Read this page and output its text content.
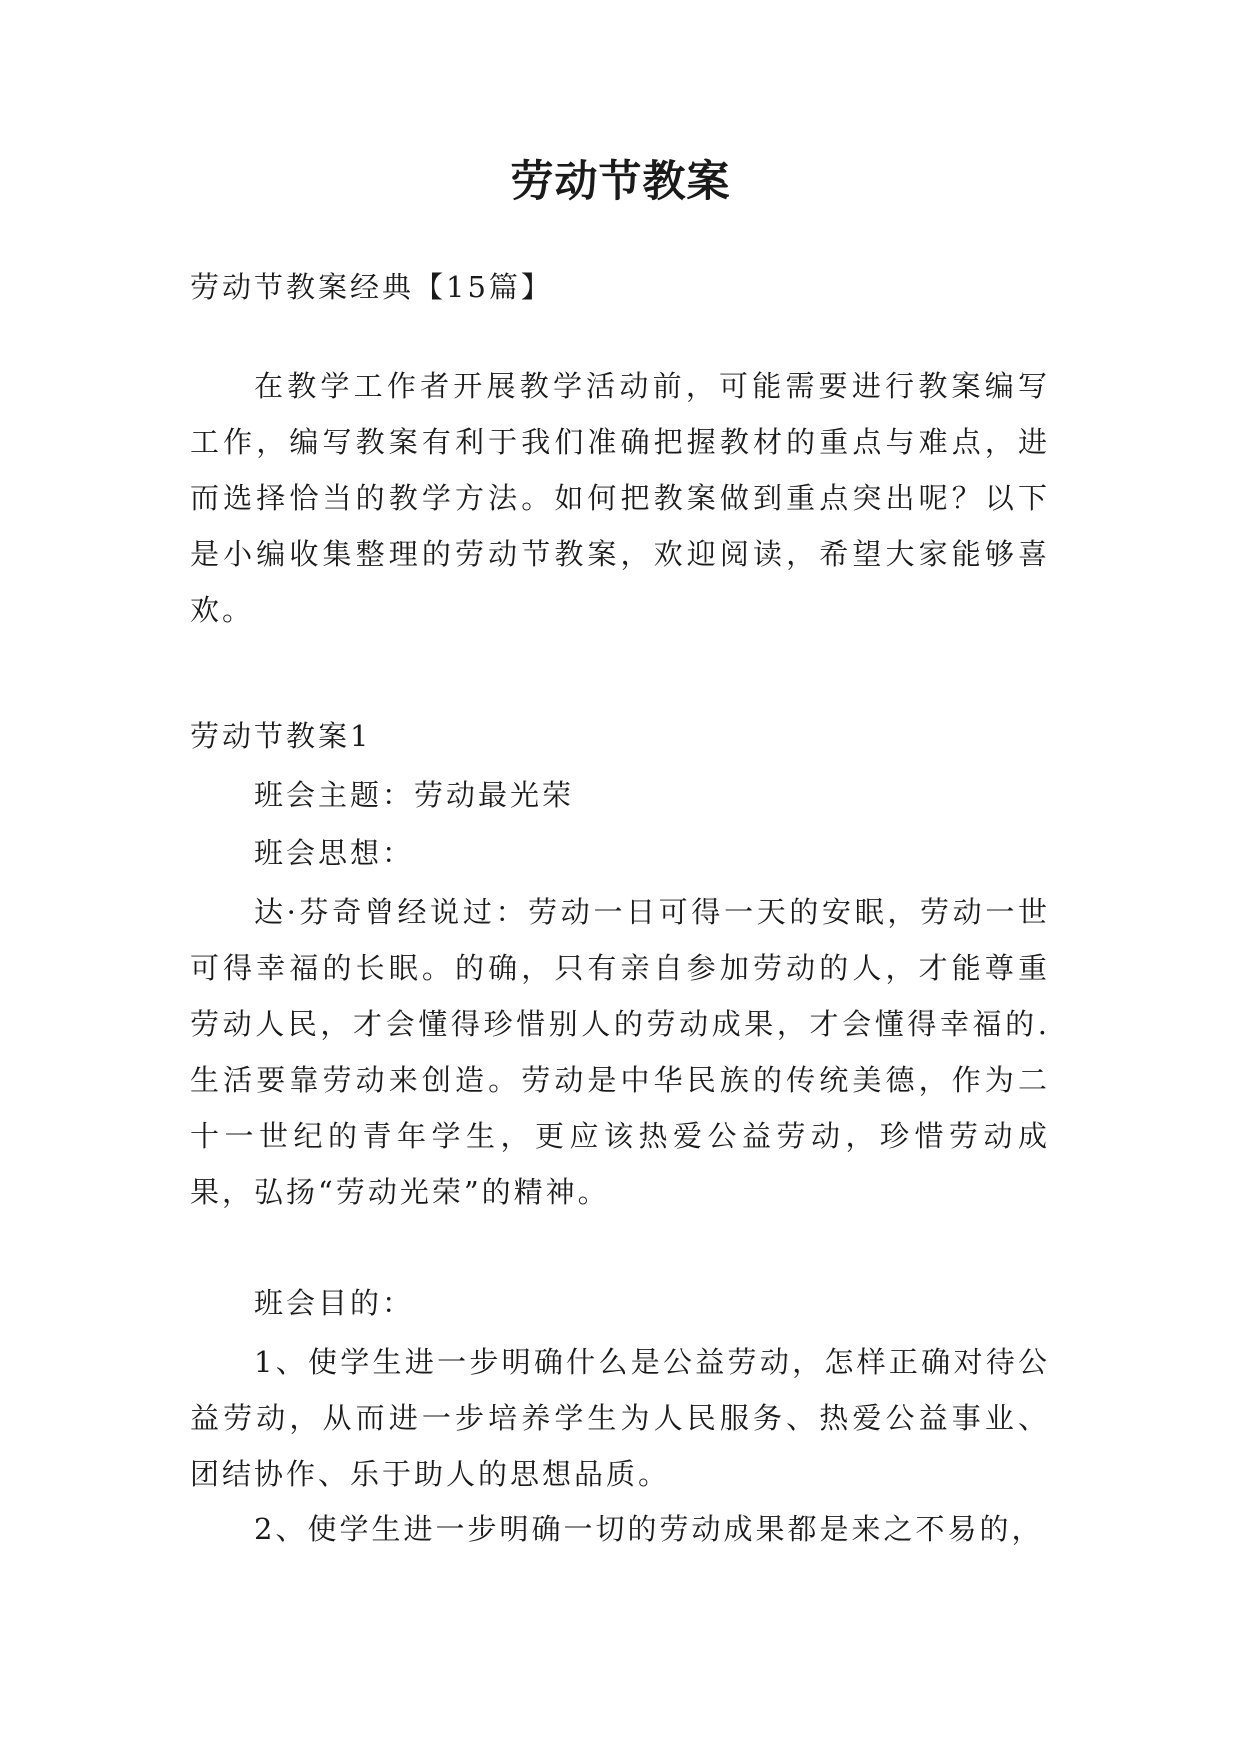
劳动节教案

劳动节教案经典【15篇】

在教学工作者开展教学活动前，可能需要进行教案编写工作，编写教案有利于我们准确把握教材的重点与难点，进而选择恰当的教学方法。如何把教案做到重点突出呢？以下是小编收集整理的劳动节教案，欢迎阅读，希望大家能够喜欢。

劳动节教案1

班会主题：劳动最光荣

班会思想：

达·芬奇曾经说过：劳动一日可得一天的安眠，劳动一世可得幸福的长眠。的确，只有亲自参加劳动的人，才能尊重劳动人民，才会懂得珍惜别人的劳动成果，才会懂得幸福的.生活要靠劳动来创造。劳动是中华民族的传统美德，作为二十一世纪的青年学生，更应该热爱公益劳动，珍惜劳动成果，弘扬“劳动光荣”的精神。

班会目的：

1、使学生进一步明确什么是公益劳动，怎样正确对待公益劳动，从而进一步培养学生为人民服务、热爱公益事业、团结协作、乐于助人的思想品质。

2、使学生进一步明确一切的劳动成果都是来之不易的，
